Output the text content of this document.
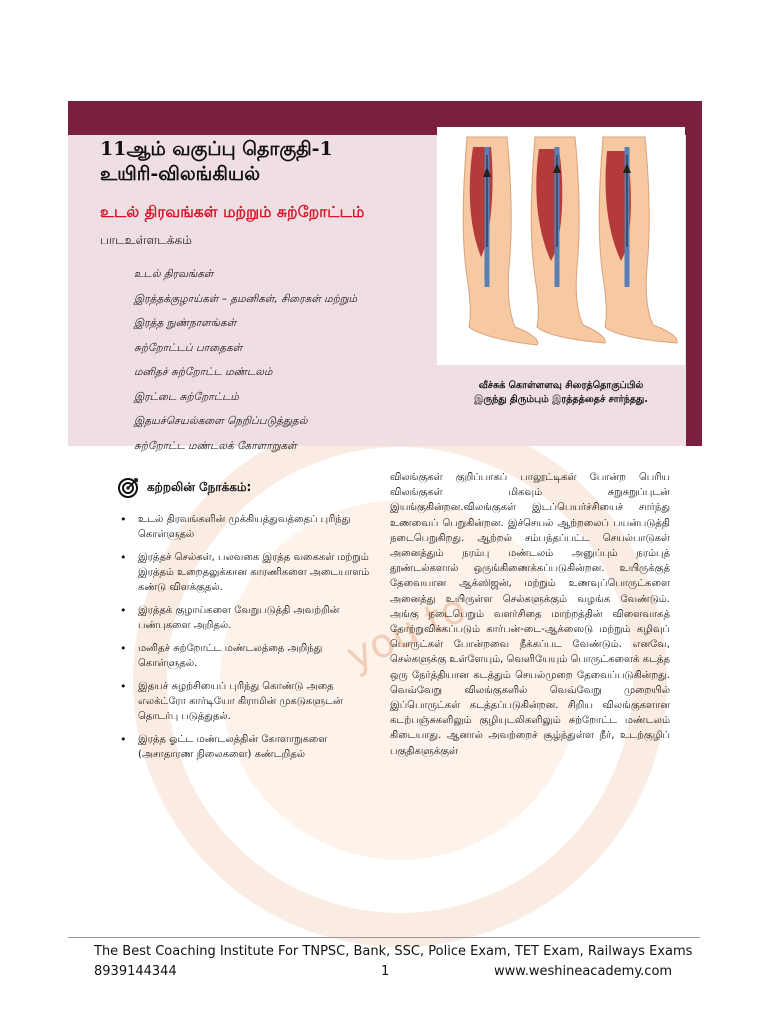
you to
11ஆம் வகுப்பு தொகுதி-1
உயிரி-விலங்கியல்
உடல் திரவங்கள் மற்றும் சுற்றோட்டம்
பாடஉள்ளடக்கம்
உடல் திரவங்கள்
இரத்தக்குழாய்கள் – தமனிகள், சிரைகள் மற்றும்
இரத்த நுண்நாளங்கள்
சுற்றோட்டப் பாதைகள்
மனிதச் சுற்றோட்ட மண்டலம்
இரட்டை சுற்றோட்டம்
இதயச்செயல்களை நெறிப்படுத்துதல்
சுற்றோட்ட மண்டலக் கோளாறுகள்
வீச்சுக் கொள்ளளவு சிரைத்தொகுப்பில்
இருந்து திரும்பும் இரத்தத்தைச் சார்ந்தது.
கற்றலின் நோக்கம்:
• உடல் திரவங்களின் முக்கியத்துவத்தைப் புரிந்து கொள்ளுதல்
• இரத்தச் செல்கள், பலவகை இரத்த வகைகள் மற்றும் இரத்தம் உறைதலுக்கான காரணிகளை அடையாளம் கண்டு விளக்குதல்.
• இரத்தக் குழாய்களை வேறுபடுத்தி அவற்றின் பண்புகளை அறிதல்.
• மனிதச் சுற்றோட்ட மண்டலத்தை அறிந்து கொள்ளுதல்.
• இதயச் சுழற்சியைப் புரிந்து கொண்டு அதை எலக்ட்ரோ கார்டியோ கிராமின் முகடுகளுடன் தொடர்பு படுத்துதல்.
• இரத்த ஓட்ட மண்டலத்தின் கோளாறுகளை (அசாதாரண நிலைகளை) கண்டறிதல்
விலங்குகள் குறிப்பாகப் பாலூட்டிகள் போன்ற பெரிய விலங்குகள் மிகவும் சுறுசுறுப்புடன் இயங்குகின்றன.விலங்குகள் இடப்பெயர்ச்சியைச் சார்ந்து உணவைப் பெறுகின்றன. இச்செயல் ஆற்றலைப் பயன்படுத்தி நடைபெறுகிறது. ஆற்றல் சம்பந்தப்பட்ட செயல்பாடுகள் அனைத்தும் நரம்பு மண்டலம் அனுப்பும் நரம்புத் தூண்டல்களால் ஒருங்கிணைக்கப்படுகின்றன. உயிருக்குத் தேவையான ஆக்ஸிஜன், மற்றும் உணவுப்பொருட்களை அனைத்து உயிருள்ள செல்களுக்கும் வழங்க வேண்டும். அங்கு நடைபெறும் வளர்சிதை மாற்றத்தின் விளைவாகத் தோற்றுவிக்கப்படும் கார்பன்-டை-ஆக்ஸைடு மற்றும் கழிவுப் பொருட்கள் போன்றவை நீக்கப்பட வேண்டும். எனவே, செல்களுக்கு உள்ளேயும், வெளியேயும் பொருட்களைக் கடத்த ஒரு நேர்த்தியான கடத்தும் செயல்முறை தேவைப்படுகின்றது. வெவ்வேறு விலங்குகளில் வெவ்வேறு முறையில் இப்பொருட்கள் கடத்தப்படுகின்றன. சிறிய விலங்குகளான கடற்பஞ்சுகளிலும் குழியுடலிகளிலும் சுற்றோட்ட மண்டலம் கிடையாது. ஆனால் அவற்றைச் சூழ்ந்துள்ள நீர், உடற்குழிப் பகுதிகளுக்குள்
The Best Coaching Institute For TNPSC, Bank, SSC, Police Exam, TET Exam, Railways Exams
8939144344	1	www.weshineacademy.com
